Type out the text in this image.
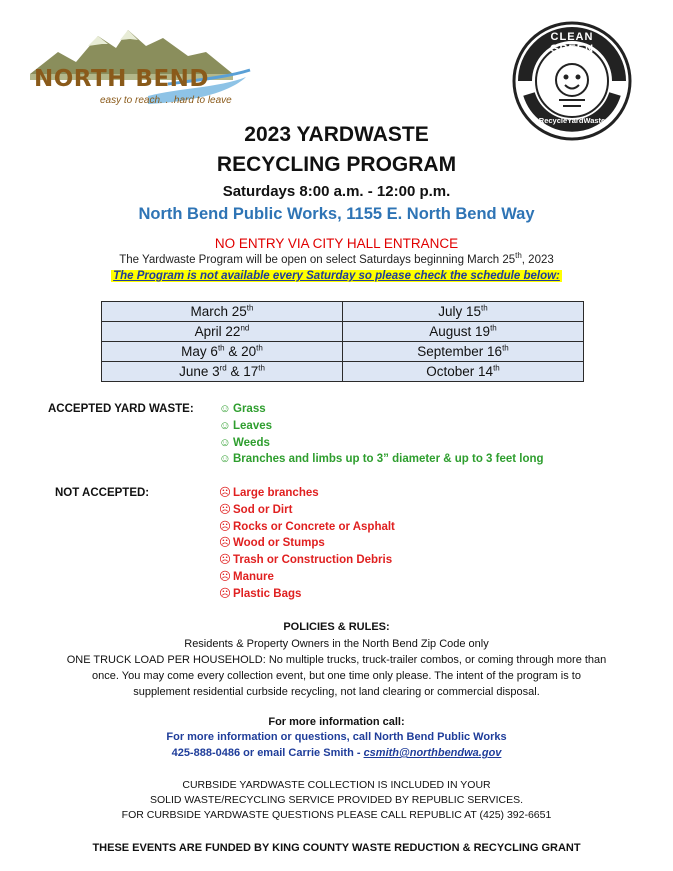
NORTH BEND
easy to reach. . .hard to leave
CLEAN GREEN
RecycleYardWaste
2023 YARDWASTE
RECYCLING PROGRAM
Saturdays 8:00 a.m. - 12:00 p.m.
North Bend Public Works, 1155 E. North Bend Way
NO ENTRY VIA CITY HALL ENTRANCE
The Yardwaste Program will be open on select Saturdays beginning March 25th, 2023
The Program is not available every Saturday so please check the schedule below:
March 25th	July 15th
April 22nd	August 19th
May 6th & 20th	September 16th
June 3rd & 17th	October 14th
ACCEPTED YARD WASTE: ☺ Grass
☺ Leaves
☺ Weeds
☺ Branches and limbs up to 3” diameter & up to 3 feet long
NOT ACCEPTED:	☹ Large branches
☹ Sod or Dirt
☹ Rocks or Concrete or Asphalt
☹ Wood or Stumps
☹ Trash or Construction Debris
☹ Manure
☹ Plastic Bags
POLICIES & RULES:
Residents & Property Owners in the North Bend Zip Code only
ONE TRUCK LOAD PER HOUSEHOLD: No multiple trucks, truck-trailer combos, or coming through more than
once. You may come every collection event, but one time only please. The intent of the program is to
supplement residential curbside recycling, not land clearing or commercial disposal.
For more information call:
For more information or questions, call North Bend Public Works
425-888-0486 or email Carrie Smith - csmith@northbendwa.gov
CURBSIDE YARDWASTE COLLECTION IS INCLUDED IN YOUR
SOLID WASTE/RECYCLING SERVICE PROVIDED BY REPUBLIC SERVICES.
FOR CURBSIDE YARDWASTE QUESTIONS PLEASE CALL REPUBLIC AT (425) 392-6651
THESE EVENTS ARE FUNDED BY KING COUNTY WASTE REDUCTION & RECYCLING GRANT
